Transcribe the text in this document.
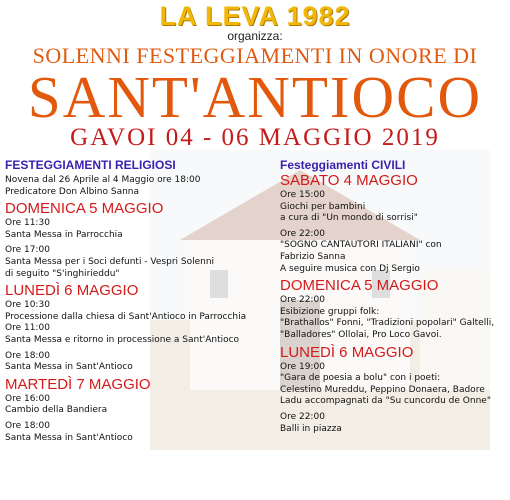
LA LEVA 1982
organizza:
SOLENNI FESTEGGIAMENTI IN ONORE DI
SANT'ANTIOCO
GAVOI 04 - 06 MAGGIO 2019
FESTEGGIAMENTI RELIGIOSI
Novena dal 26 Aprile al 4 Maggio ore 18:00
Predicatore Don Albino Sanna
DOMENICA 5 MAGGIO
Ore 11:30
Santa Messa in Parrocchia
Ore 17:00
Santa Messa per i Soci defunti - Vespri Solenni
di seguito "S'inghirieddu"
LUNEDÌ 6 MAGGIO
Ore 10:30
Processione dalla chiesa di Sant'Antioco in Parrocchia
Ore 11:00
Santa Messa e ritorno in processione a Sant'Antioco
Ore 18:00
Santa Messa in Sant'Antioco
MARTEDÌ 7 MAGGIO
Ore 16:00
Cambio della Bandiera
Ore 18:00
Santa Messa in Sant'Antioco
Festeggiamenti CIVILI
SABATO 4 MAGGIO
Ore 15:00
Giochi per bambini
a cura di "Un mondo di sorrisi"
Ore 22:00
"SOGNO CANTAUTORI ITALIANI" con
Fabrizio Sanna
A seguire musica con Dj Sergio
DOMENICA 5 MAGGIO
Ore 22:00
Esibizione gruppi folk:
"Brathallos" Fonni, "Tradizioni popolari" Galtelli,
"Balladores" Ollolai, Pro Loco Gavoi.
LUNEDÌ 6 MAGGIO
Ore 19:00
"Gara de poesia a bolu" con i poeti:
Celestino Mureddu, Peppino Donaera, Badore
Ladu accompagnati da "Su cuncordu de Onne"
Ore 22:00
Balli in piazza
